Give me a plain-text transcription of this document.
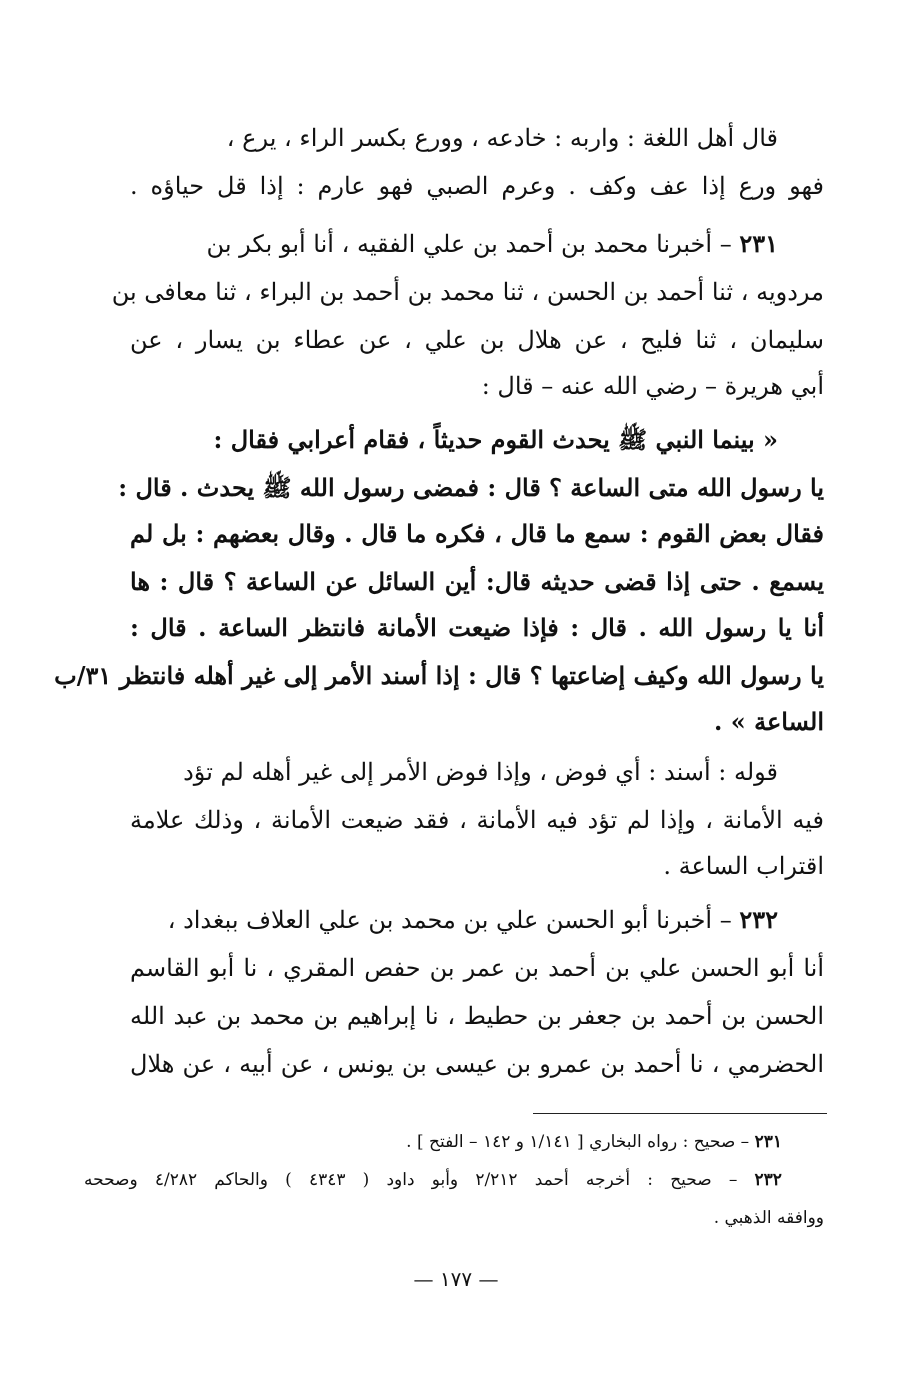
قال أهل اللغة : واربه : خادعه ، وورع بكسر الراء ، يرع ،
فهو ورع إذا عف وكف . وعرم الصبي فهو عارم : إذا قل حياؤه .
٢٣١ – أخبرنا محمد بن أحمد بن علي الفقيه ، أنا أبو بكر بن
مردويه ، ثنا أحمد بن الحسن ، ثنا محمد بن أحمد بن البراء ، ثنا معافى بن
سليمان ، ثنا فليح ، عن هلال بن علي ، عن عطاء بن يسار ، عن
أبي هريرة – رضي الله عنه – قال :
« بينما النبي ﷺ يحدث القوم حديثاً ، فقام أعرابي فقال :
يا رسول الله متى الساعة ؟ قال : فمضى رسول الله ﷺ يحدث . قال :
فقال بعض القوم : سمع ما قال ، فكره ما قال . وقال بعضهم : بل لم
يسمع . حتى إذا قضى حديثه قال: أين السائل عن الساعة ؟ قال : ها
أنا يا رسول الله . قال : فإذا ضيعت الأمانة فانتظر الساعة . قال :
يا رسول الله وكيف إضاعتها ؟ قال : إذا أسند الأمر إلى غير أهله فانتظر ٣١/ب
الساعة » .
قوله : أسند : أي فوض ، وإذا فوض الأمر إلى غير أهله لم تؤد
فيه الأمانة ، وإذا لم تؤد فيه الأمانة ، فقد ضيعت الأمانة ، وذلك علامة
اقتراب الساعة .
٢٣٢ – أخبرنا أبو الحسن علي بن محمد بن علي العلاف ببغداد ،
أنا أبو الحسن علي بن أحمد بن عمر بن حفص المقري ، نا أبو القاسم
الحسن بن أحمد بن جعفر بن حطيط ، نا إبراهيم بن محمد بن عبد الله
الحضرمي ، نا أحمد بن عمرو بن عيسى بن يونس ، عن أبيه ، عن هلال
٢٣١ – صحيح : رواه البخاري [ ١/١٤١ و ١٤٢ – الفتح ] .
٢٣٢ – صحيح : أخرجه أحمد ٢/٢١٢ وأبو داود ( ٤٣٤٣ ) والحاكم ٤/٢٨٢ وصححه
ووافقه الذهبي .
— ١٧٧ —
